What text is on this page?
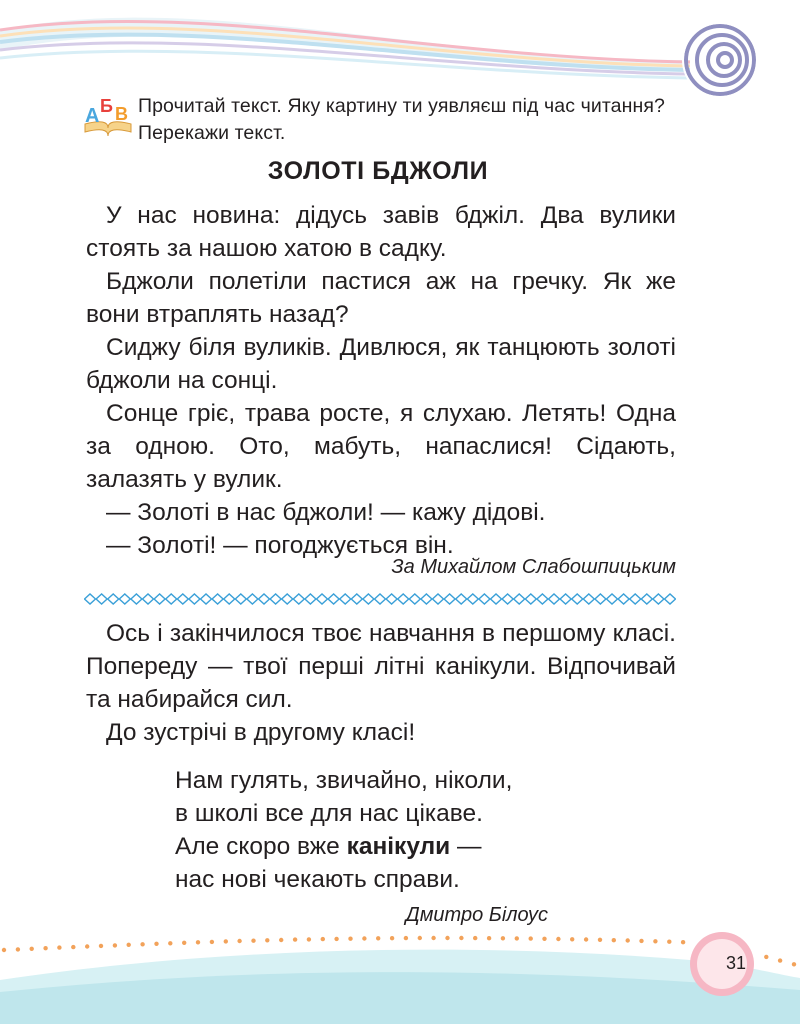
А Б В Прочитай текст. Яку картину ти уявляєш під час читання? Перекажи текст.
ЗОЛОТІ БДЖОЛИ

У нас новина: дідусь завів бджіл. Два вулики стоять за нашою хатою в садку.

Бджоли полетіли пастися аж на гречку. Як же вони втраплять назад?

Сиджу біля вуликів. Дивлюся, як танцюють золоті бджоли на сонці.

Сонце гріє, трава росте, я слухаю. Летять! Одна за одною. Ото, мабуть, напаслися! Сідають, залазять у вулик.

— Золоті в нас бджоли! — кажу дідові.

— Золоті! — погоджується він.

За Михайлом Слабошпицьким

Ось і закінчилося твоє навчання в першому класі. Попереду — твої перші літні канікули. Відпочивай та набирайся сил.

До зустрічі в другому класі!

Нам гулять, звичайно, ніколи,
в школі все для нас цікаве.
Але скоро вже канікули —
нас нові чекають справи.
Дмитро Білоус
31
